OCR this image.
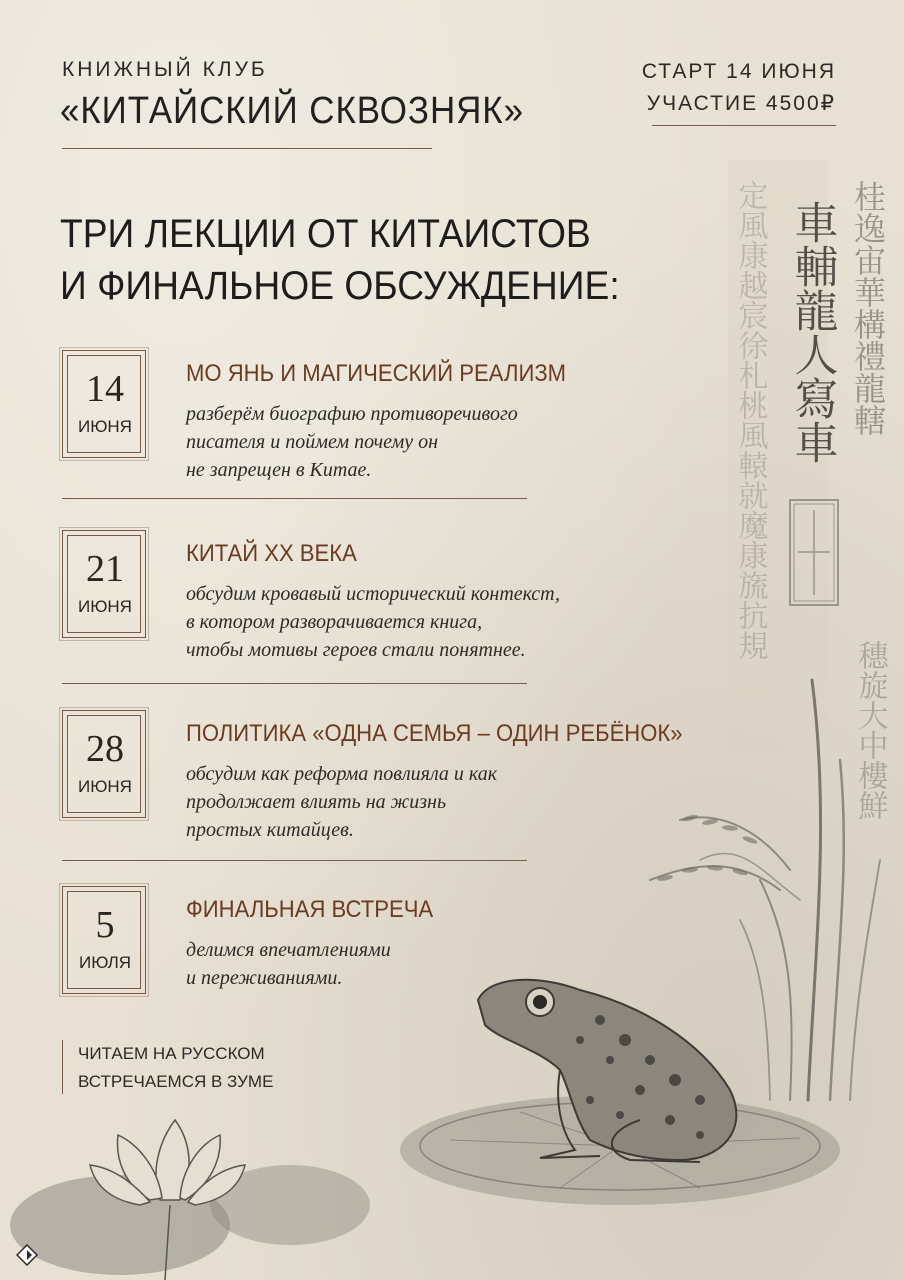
車輔龍人寫車 桂逸宙華構禮龍轄
定風康越宸徐札桃風轅就魔康旒抗規
穗旋大中樓鮮
КНИЖНЫЙ КЛУБ
«КИТАЙСКИЙ СКВОЗНЯК»
СТАРТ 14 ИЮНЯ
УЧАСТИЕ 4500₽
ТРИ ЛЕКЦИИ ОТ КИТАИСТОВ
И ФИНАЛЬНОЕ ОБСУЖДЕНИЕ:
14
ИЮНЯ
МО ЯНЬ И МАГИЧЕСКИЙ РЕАЛИЗМ
разберём биографию противоречивого
писателя и поймем почему он
не запрещен в Китае.
21
ИЮНЯ
КИТАЙ XX ВЕКА
обсудим кровавый исторический контекст,
в котором разворачивается книга,
чтобы мотивы героев стали понятнее.
28
ИЮНЯ
ПОЛИТИКА «ОДНА СЕМЬЯ – ОДИН РЕБЁНОК»
обсудим как реформа повлияла и как
продолжает влиять на жизнь
простых китайцев.
5
ИЮЛЯ
ФИНАЛЬНАЯ ВСТРЕЧА
делимся впечатлениями
и переживаниями.
ЧИТАЕМ НА РУССКОМ
ВСТРЕЧАЕМСЯ В ЗУМЕ
